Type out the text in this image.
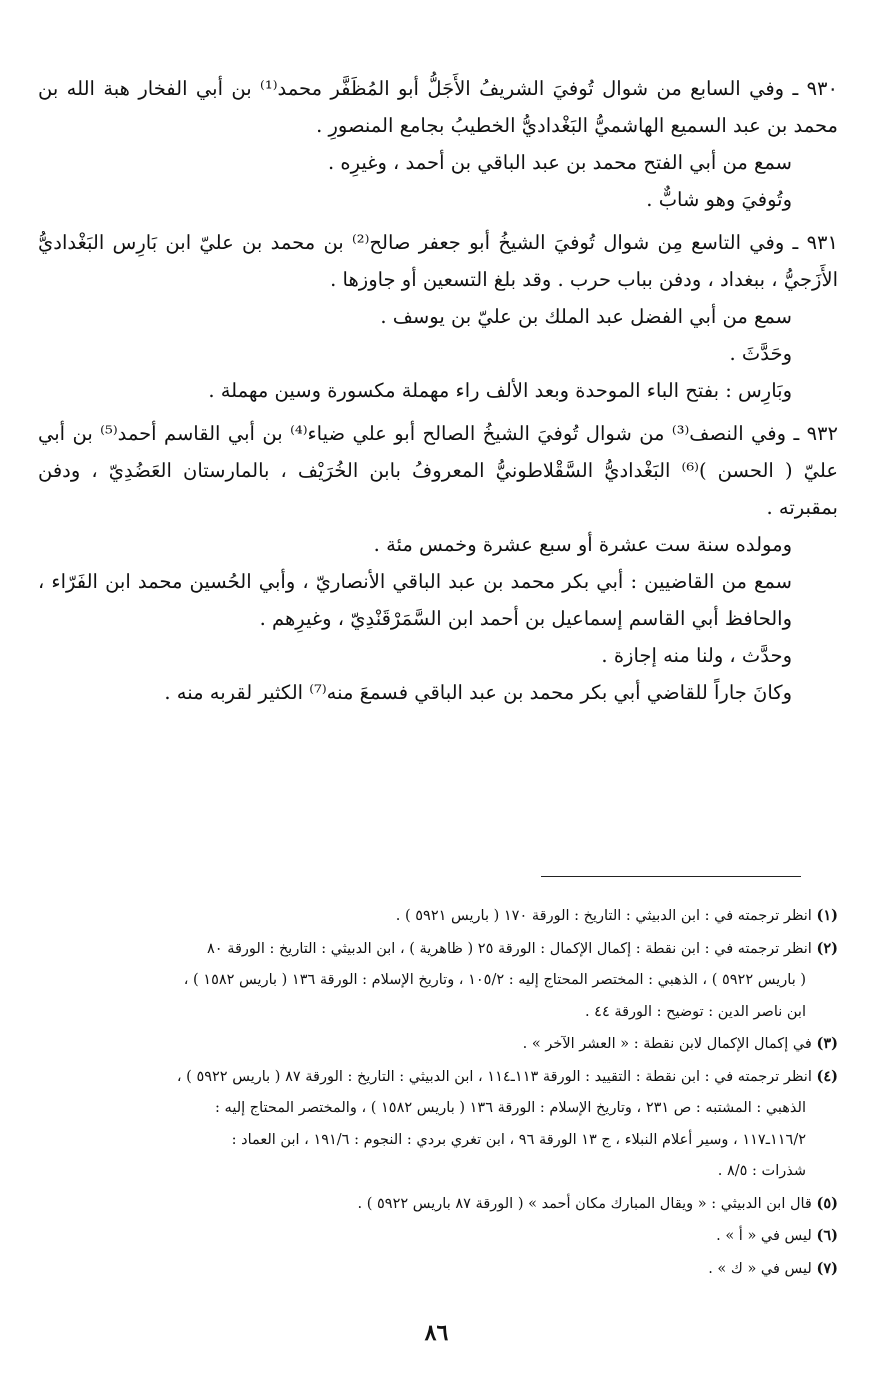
٩٣٠ ـ وفي السابع من شوال تُوفيَ الشريفُ الأَجَلُّ أبو المُظَفَّر محمد⁽¹⁾ بن أبي الفخار هبة الله بن محمد بن عبد السميع الهاشميُّ البَغْداديُّ الخطيبُ بجامع المنصورِ .

سمع من أبي الفتح محمد بن عبد الباقي بن أحمد ، وغيرِه .

وتُوفيَ وهو شابٌّ .

٩٣١ ـ وفي التاسع مِن شوال تُوفيَ الشيخُ أبو جعفر صالح⁽²⁾ بن محمد بن عليّ ابن بَارِس البَغْداديُّ الأَزَجيُّ ، ببغداد ، ودفن بباب حرب . وقد بلغ التسعين أو جاوزها .

سمع من أبي الفضل عبد الملك بن عليّ بن يوسف .

وحَدَّثَ .

وبَارِس : بفتح الباء الموحدة وبعد الألف راء مهملة مكسورة وسين مهملة .

٩٣٢ ـ وفي النصف⁽³⁾ من شوال تُوفيَ الشيخُ الصالح أبو علي ضياء⁽⁴⁾ بن أبي القاسم أحمد⁽⁵⁾ بن أبي عليّ ( الحسن )⁽⁶⁾ البَغْداديُّ السَّقْلاطونيُّ المعروفُ بابن الخُرَيْف ، بالمارستان العَضُدِيّ ، ودفن بمقبرته .

ومولده سنة ست عشرة أو سبع عشرة وخمس مئة .

سمع من القاضيين : أبي بكر محمد بن عبد الباقي الأنصاريّ ، وأبي الحُسين محمد ابن الفَرّاء ، والحافظ أبي القاسم إسماعيل بن أحمد ابن السَّمَرْقَنْدِيّ ، وغيرِهم .

وحدَّث ، ولنا منه إجازة .

وكانَ جاراً للقاضي أبي بكر محمد بن عبد الباقي فسمعَ منه⁽⁷⁾ الكثير لقربه منه .

(١) انظر ترجمته في : ابن الدبيثي : التاريخ : الورقة ١٧٠ ( باريس ٥٩٢١ ) .

(٢) انظر ترجمته في : ابن نقطة : إكمال الإكمال : الورقة ٢٥ ( ظاهرية ) ، ابن الدبيثي : التاريخ : الورقة ٨٠

( باريس ٥٩٢٢ ) ، الذهبي : المختصر المحتاج إليه : ١٠٥/٢ ، وتاريخ الإسلام : الورقة ١٣٦ ( باريس ١٥٨٢ ) ،

ابن ناصر الدين : توضيح : الورقة ٤٤ .

(٣) في إكمال الإكمال لابن نقطة : « العشر الآخر » .

(٤) انظر ترجمته في : ابن نقطة : التقييد : الورقة ١١٣ـ١١٤ ، ابن الدبيثي : التاريخ : الورقة ٨٧ ( باريس ٥٩٢٢ ) ،

الذهبي : المشتبه : ص ٢٣١ ، وتاريخ الإسلام : الورقة ١٣٦ ( باريس ١٥٨٢ ) ، والمختصر المحتاج إليه :

١١٦/٢ـ١١٧ ، وسير أعلام النبلاء ، ج ١٣ الورقة ٩٦ ، ابن تغري بردي : النجوم : ١٩١/٦ ، ابن العماد :

شذرات : ٨/٥ .

(٥) قال ابن الدبيثي : « ويقال المبارك مكان أحمد » ( الورقة ٨٧ باريس ٥٩٢٢ ) .

(٦) ليس في « أ » .

(٧) ليس في « ك » .

٨٦
